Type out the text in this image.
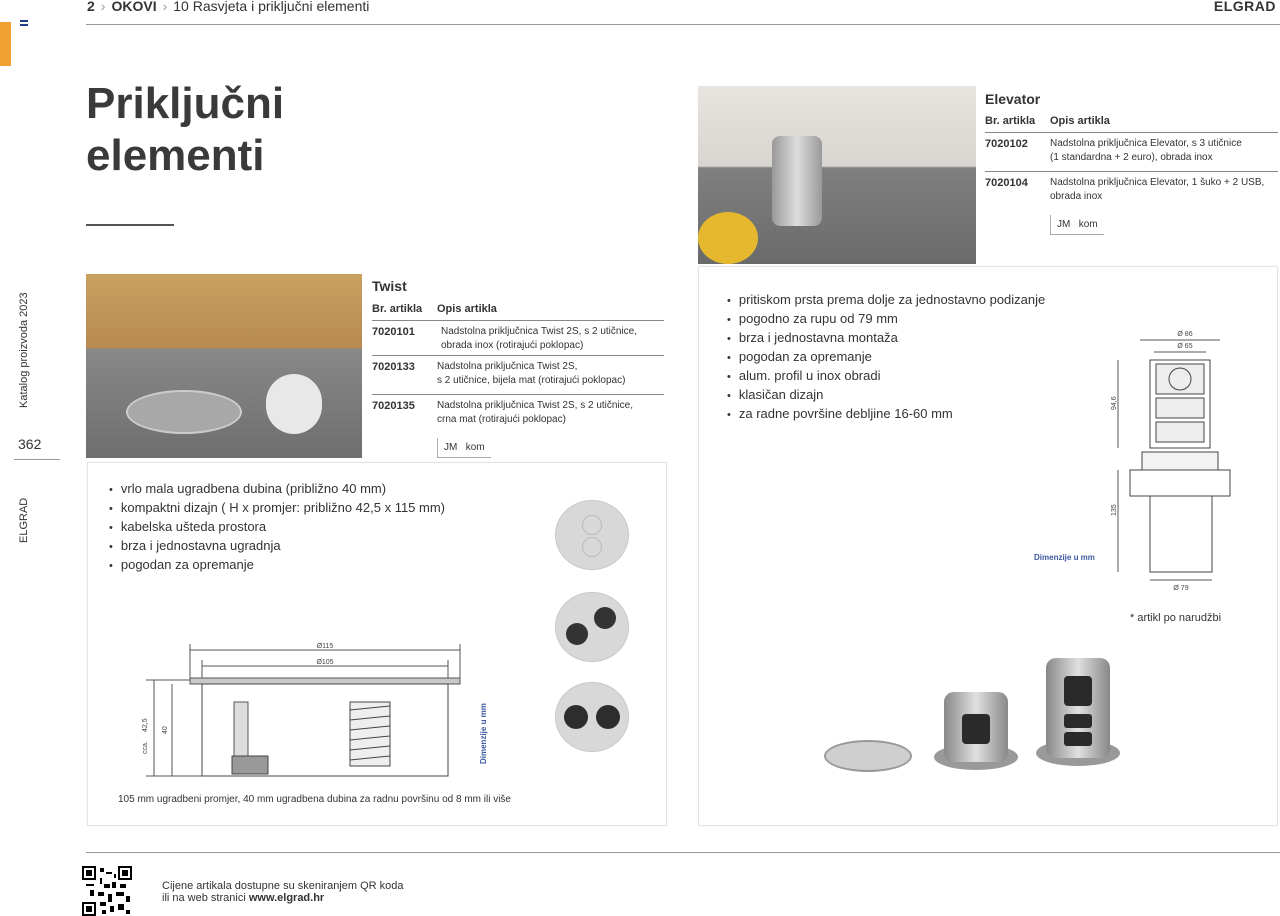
2 › OKOVI › 10 Rasvjeta i priključni elementi	ELGRAD
Katalog proizvoda 2023
362
ELGRAD
Priključni
elementi
Twist
Br. artikla	Opis artikla
7020101	Nadstolna priključnica Twist 2S, s 2 utičnice,
obrada inox (rotirajući poklopac)
7020133	Nadstolna priključnica Twist 2S,
s 2 utičnice, bijela mat (rotirajući poklopac)
7020135	Nadstolna priključnica Twist 2S, s 2 utičnice,
crna mat (rotirajući poklopac)
JM kom
• vrlo mala ugradbena dubina (približno 40 mm)
• kompaktni dizajn ( H x promjer: približno 42,5 x 115 mm)
• kabelska ušteda prostora
• brza i jednostavna ugradnja
• pogodan za opremanje
Ø115
Ø105
cca.
42,5 40	Dimenzije u mm
105 mm ugradbeni promjer, 40 mm ugradbena dubina za radnu površinu od 8 mm ili više
Elevator
Br. artikla	Opis artikla
7020102	Nadstolna priključnica Elevator, s 3 utičnice
(1 standardna + 2 euro), obrada inox
7020104	Nadstolna priključnica Elevator, 1 šuko + 2 USB,
obrada inox
JM kom
• pritiskom prsta prema dolje za jednostavno podizanje
• pogodno za rupu od 79 mm
• brza i jednostavna montaža
• pogodan za opremanje
• alum. profil u inox obradi
• klasičan dizajn
• za radne površine debljine 16-60 mm
Ø 86
Ø 65
94,6
135
Ø 79
Dimenzije u mm
* artikl po narudžbi
Cijene artikala dostupne su skeniranjem QR koda
ili na web stranici www.elgrad.hr
